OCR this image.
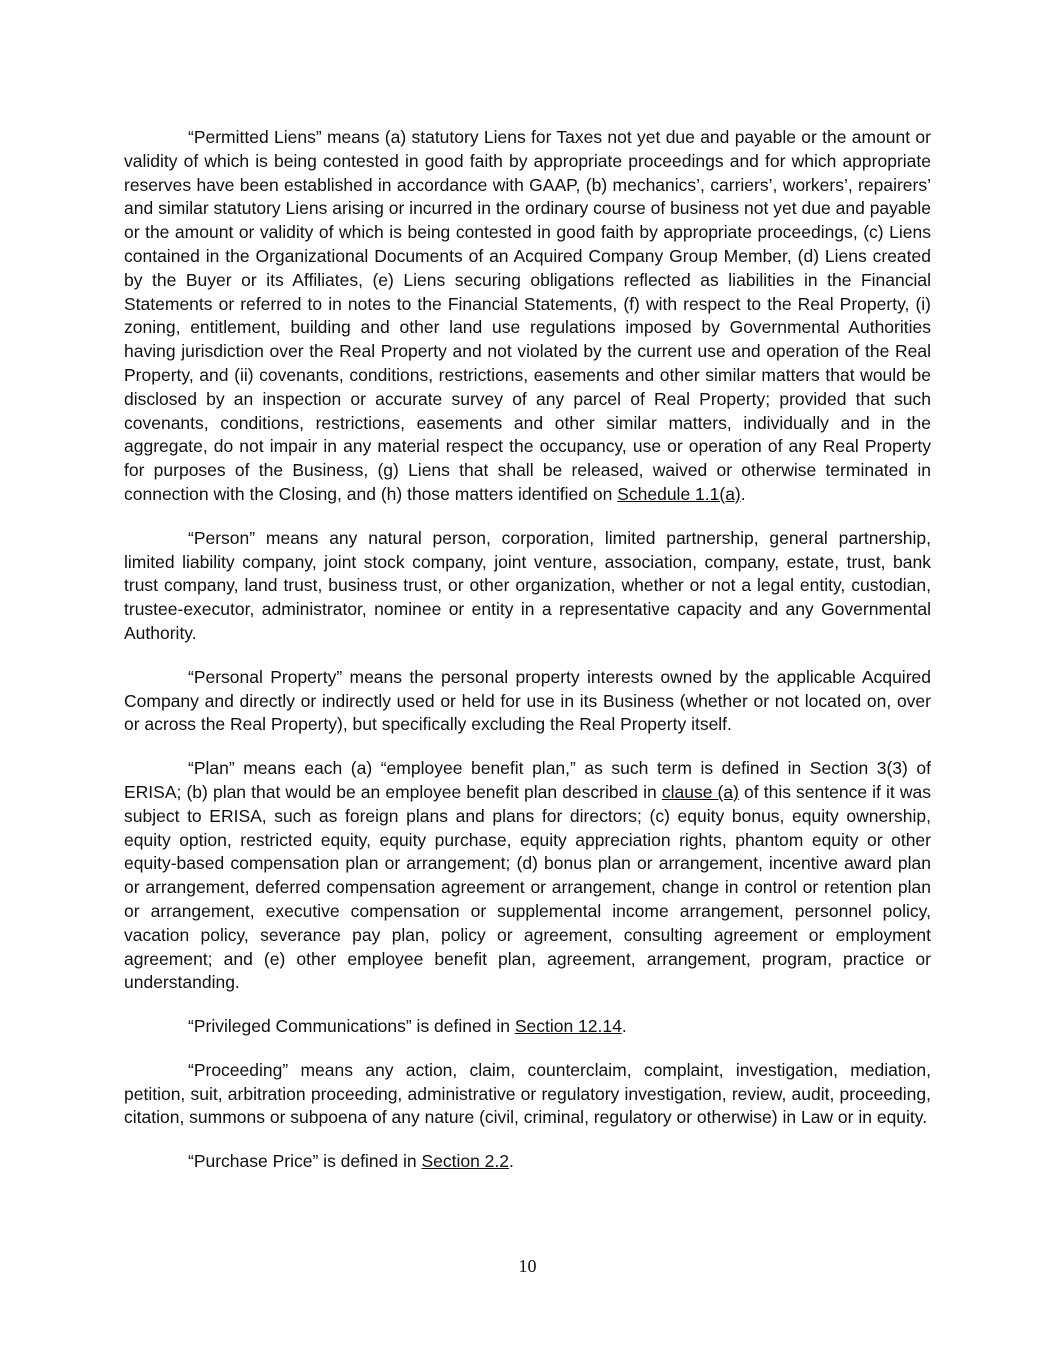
“Permitted Liens” means (a) statutory Liens for Taxes not yet due and payable or the amount or validity of which is being contested in good faith by appropriate proceedings and for which appropriate reserves have been established in accordance with GAAP, (b) mechanics’, carriers’, workers’, repairers’ and similar statutory Liens arising or incurred in the ordinary course of business not yet due and payable or the amount or validity of which is being contested in good faith by appropriate proceedings, (c) Liens contained in the Organizational Documents of an Acquired Company Group Member, (d) Liens created by the Buyer or its Affiliates, (e) Liens securing obligations reflected as liabilities in the Financial Statements or referred to in notes to the Financial Statements, (f) with respect to the Real Property, (i) zoning, entitlement, building and other land use regulations imposed by Governmental Authorities having jurisdiction over the Real Property and not violated by the current use and operation of the Real Property, and (ii) covenants, conditions, restrictions, easements and other similar matters that would be disclosed by an inspection or accurate survey of any parcel of Real Property; provided that such covenants, conditions, restrictions, easements and other similar matters, individually and in the aggregate, do not impair in any material respect the occupancy, use or operation of any Real Property for purposes of the Business, (g) Liens that shall be released, waived or otherwise terminated in connection with the Closing, and (h) those matters identified on Schedule 1.1(a).

“Person” means any natural person, corporation, limited partnership, general partnership, limited liability company, joint stock company, joint venture, association, company, estate, trust, bank trust company, land trust, business trust, or other organization, whether or not a legal entity, custodian, trustee-executor, administrator, nominee or entity in a representative capacity and any Governmental Authority.

“Personal Property” means the personal property interests owned by the applicable Acquired Company and directly or indirectly used or held for use in its Business (whether or not located on, over or across the Real Property), but specifically excluding the Real Property itself.

“Plan” means each (a) “employee benefit plan,” as such term is defined in Section 3(3) of ERISA; (b) plan that would be an employee benefit plan described in clause (a) of this sentence if it was subject to ERISA, such as foreign plans and plans for directors; (c) equity bonus, equity ownership, equity option, restricted equity, equity purchase, equity appreciation rights, phantom equity or other equity-based compensation plan or arrangement; (d) bonus plan or arrangement, incentive award plan or arrangement, deferred compensation agreement or arrangement, change in control or retention plan or arrangement, executive compensation or supplemental income arrangement, personnel policy, vacation policy, severance pay plan, policy or agreement, consulting agreement or employment agreement; and (e) other employee benefit plan, agreement, arrangement, program, practice or understanding.

“Privileged Communications” is defined in Section 12.14.

“Proceeding” means any action, claim, counterclaim, complaint, investigation, mediation, petition, suit, arbitration proceeding, administrative or regulatory investigation, review, audit, proceeding, citation, summons or subpoena of any nature (civil, criminal, regulatory or otherwise) in Law or in equity.

“Purchase Price” is defined in Section 2.2.

10
